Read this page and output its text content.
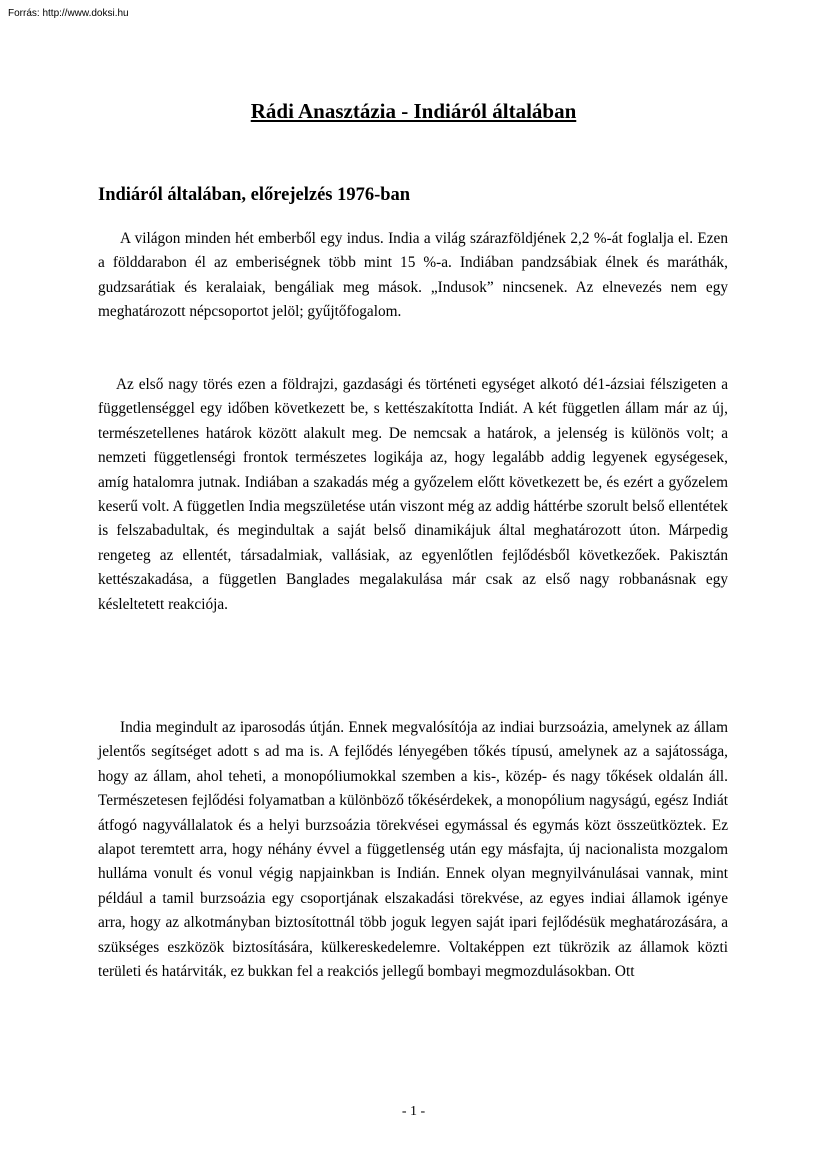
Forrás: http://www.doksi.hu
Rádi Anasztázia - Indiáról általában
Indiáról általában, előrejelzés 1976-ban

A világon minden hét emberből egy indus. India a világ szárazföldjének 2,2 %-át foglalja el. Ezen a földdarabon él az emberiségnek több mint 15 %-a. Indiában pandzsábiak élnek és maráthák, gudzsarátiak és keralaiak, bengáliak meg mások. „Indusok” nincsenek. Az elnevezés nem egy meghatározott népcsoportot jelöl; gyűjtőfogalom.

Az első nagy törés ezen a földrajzi, gazdasági és történeti egységet alkotó dé1-ázsiai félszigeten a függetlenséggel egy időben következett be, s kettészakította Indiát. A két független állam már az új, természetellenes határok között alakult meg. De nemcsak a határok, a jelenség is különös volt; a nemzeti függetlenségi frontok természetes logikája az, hogy legalább addig legyenek egységesek, amíg hatalomra jutnak. Indiában a szakadás még a győzelem előtt következett be, és ezért a győzelem keserű volt. A független India megszületése után viszont még az addig háttérbe szorult belső ellentétek is felszabadultak, és megindultak a saját belső dinamikájuk által meghatározott úton. Márpedig rengeteg az ellentét, társadalmiak, vallásiak, az egyenlőtlen fejlődésből következőek. Pakisztán kettészakadása, a független Banglades megalakulása már csak az első nagy robbanásnak egy késleltetett reakciója.

India megindult az iparosodás útján. Ennek megvalósítója az indiai burzsoázia, amelynek az állam jelentős segítséget adott s ad ma is. A fejlődés lényegében tőkés típusú, amelynek az a sajátossága, hogy az állam, ahol teheti, a monopóliumokkal szemben a kis-, közép- és nagy tőkések oldalán áll. Természetesen fejlődési folyamatban a különböző tőkésérdekek, a monopólium nagyságú, egész Indiát átfogó nagyvállalatok és a helyi burzsoázia törekvései egymással és egymás közt összeütköztek. Ez alapot teremtett arra, hogy néhány évvel a függetlenség után egy másfajta, új nacionalista mozgalom hulláma vonult és vonul végig napjainkban is Indián. Ennek olyan megnyilvánulásai vannak, mint például a tamil burzsoázia egy csoportjának elszakadási törekvése, az egyes indiai államok igénye arra, hogy az alkotmányban biztosítottnál több joguk legyen saját ipari fejlődésük meghatározására, a szükséges eszközök biztosítására, külkereskedelemre. Voltaképpen ezt tükrözik az államok közti területi és határviták, ez bukkan fel a reakciós jellegű bombayi megmozdulásokban. Ott

- 1 -
